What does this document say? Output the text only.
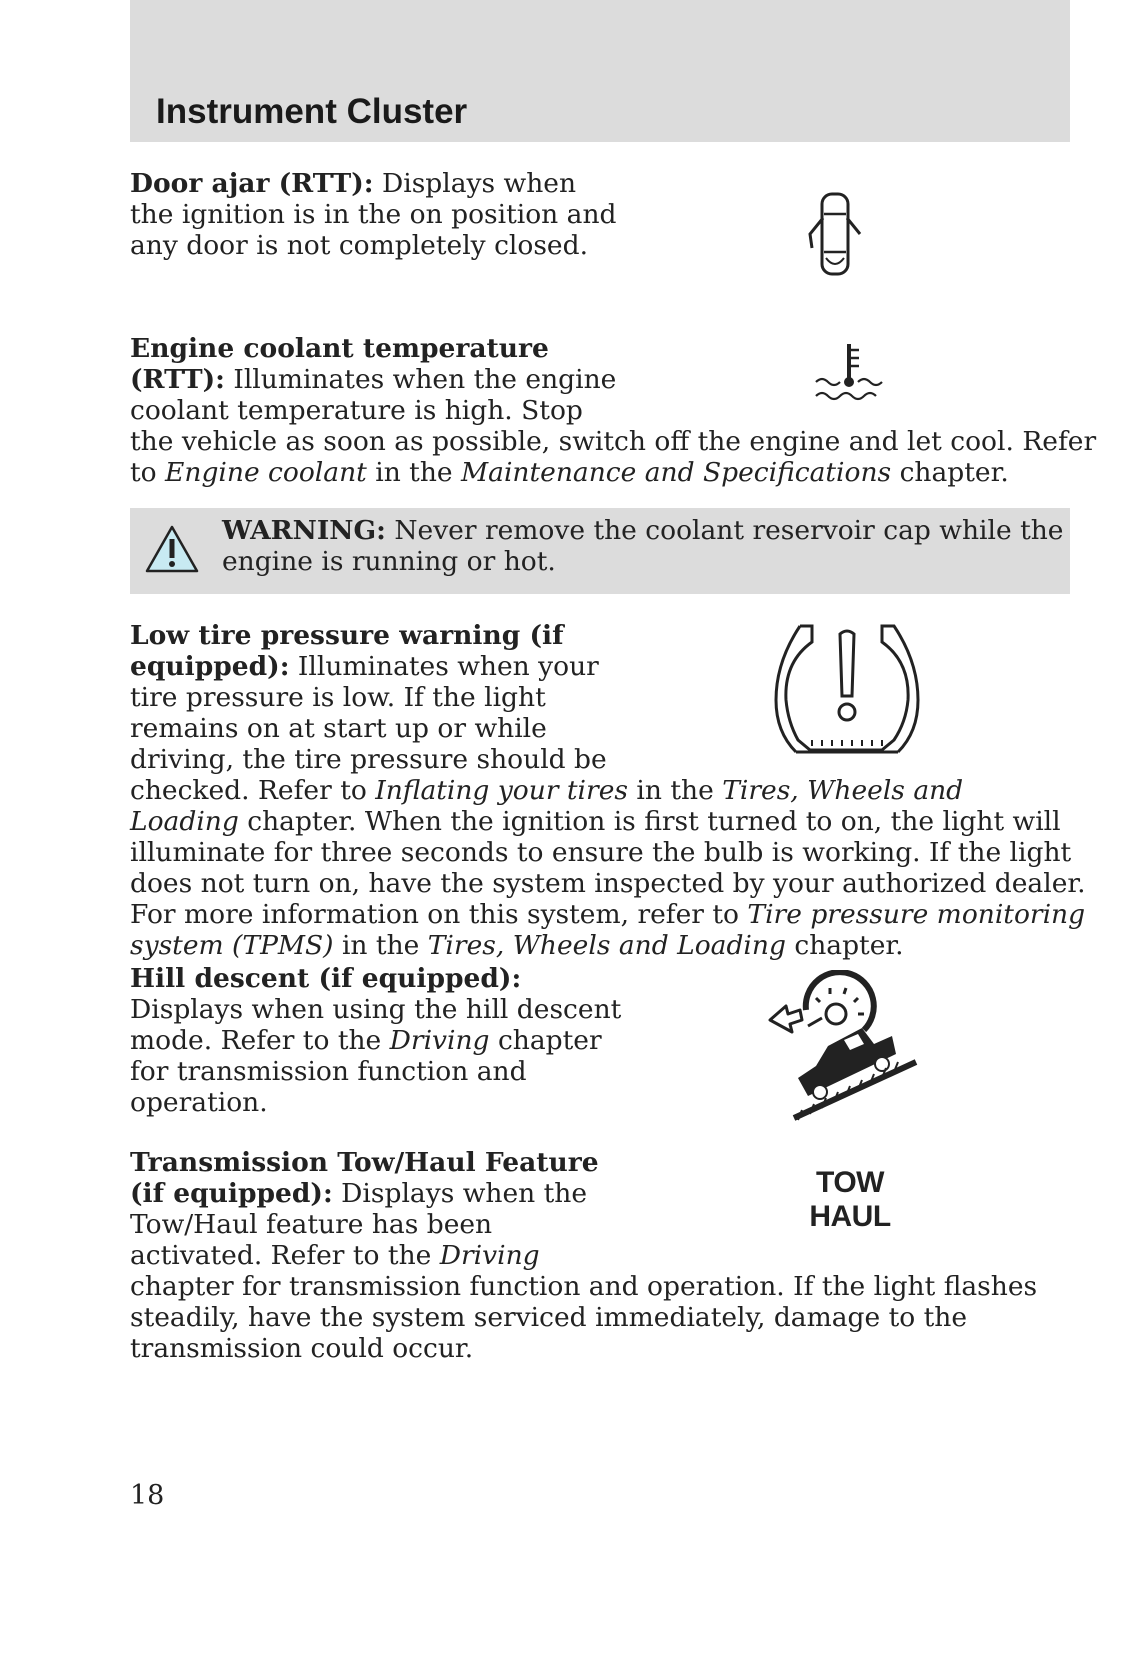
Instrument Cluster

Door ajar (RTT): Displays when

the ignition is in the on position and

any door is not completely closed.

Engine coolant temperature

(RTT): Illuminates when the engine

coolant temperature is high. Stop

the vehicle as soon as possible, switch off the engine and let cool. Refer

to Engine coolant in the Maintenance and Specifications chapter.

WARNING: Never remove the coolant reservoir cap while the
engine is running or hot.

Low tire pressure warning (if

equipped): Illuminates when your

tire pressure is low. If the light

remains on at start up or while

driving, the tire pressure should be

checked. Refer to Inflating your tires in the Tires, Wheels and

Loading chapter. When the ignition is first turned to on, the light will

illuminate for three seconds to ensure the bulb is working. If the light

does not turn on, have the system inspected by your authorized dealer.

For more information on this system, refer to Tire pressure monitoring

system (TPMS) in the Tires, Wheels and Loading chapter.

Hill descent (if equipped):

Displays when using the hill descent

mode. Refer to the Driving chapter

for transmission function and

operation.

Transmission Tow/Haul Feature

(if equipped): Displays when the

Tow/Haul feature has been

activated. Refer to the Driving

chapter for transmission function and operation. If the light flashes

steadily, have the system serviced immediately, damage to the

transmission could occur.

TOW
HAUL
18
